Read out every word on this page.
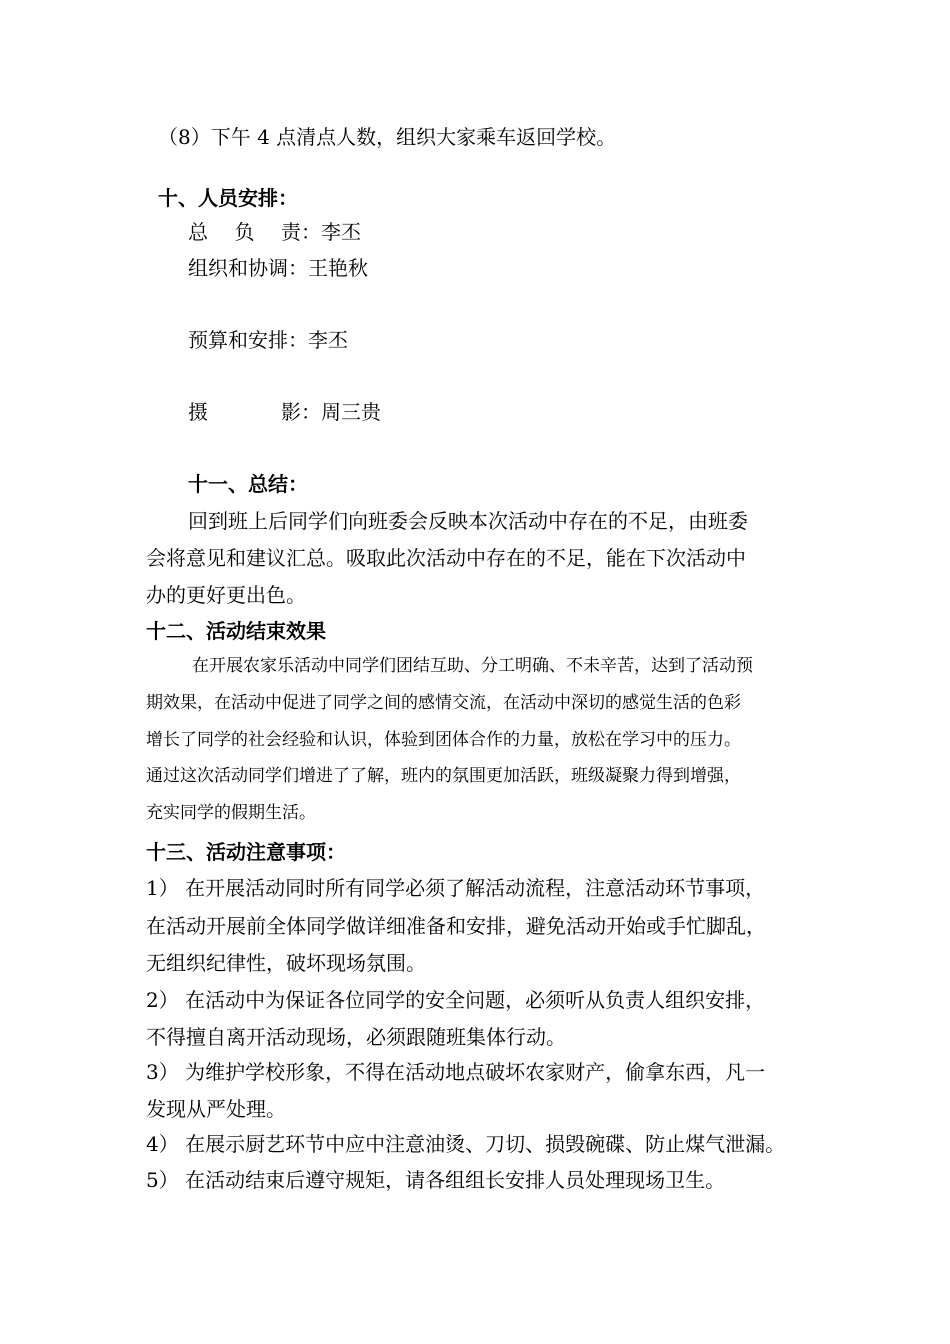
（8）下午 4 点清点人数，组织大家乘车返回学校。
十、人员安排：
总 负 责 ：李丕
组织和协调：王艳秋
预算和安排：李丕
摄	影 ：周三贵
十一、总结：
回到班上后同学们向班委会反映本次活动中存在的不足，由班委
会将意见和建议汇总。吸取此次活动中存在的不足，能在下次活动中
办的更好更出色。
十二、活动结束效果
在开展农家乐活动中同学们团结互助、分工明确、不未辛苦，达到了活动预
期效果，在活动中促进了同学之间的感情交流，在活动中深切的感觉生活的色彩
增长了同学的社会经验和认识，体验到团体合作的力量，放松在学习中的压力。
通过这次活动同学们增进了了解，班内的氛围更加活跃，班级凝聚力得到增强，
充实同学的假期生活。
十三、活动注意事项：
1） 在开展活动同时所有同学必须了解活动流程，注意活动环节事项，
在活动开展前全体同学做详细准备和安排，避免活动开始或手忙脚乱，
无组织纪律性，破坏现场氛围。
2） 在活动中为保证各位同学的安全问题，必须听从负责人组织安排，
不得擅自离开活动现场，必须跟随班集体行动。
3） 为维护学校形象，不得在活动地点破坏农家财产，偷拿东西，凡一
发现从严处理。
4） 在展示厨艺环节中应中注意油烫、刀切、损毁碗碟、防止煤气泄漏。
5） 在活动结束后遵守规矩，请各组组长安排人员处理现场卫生。
